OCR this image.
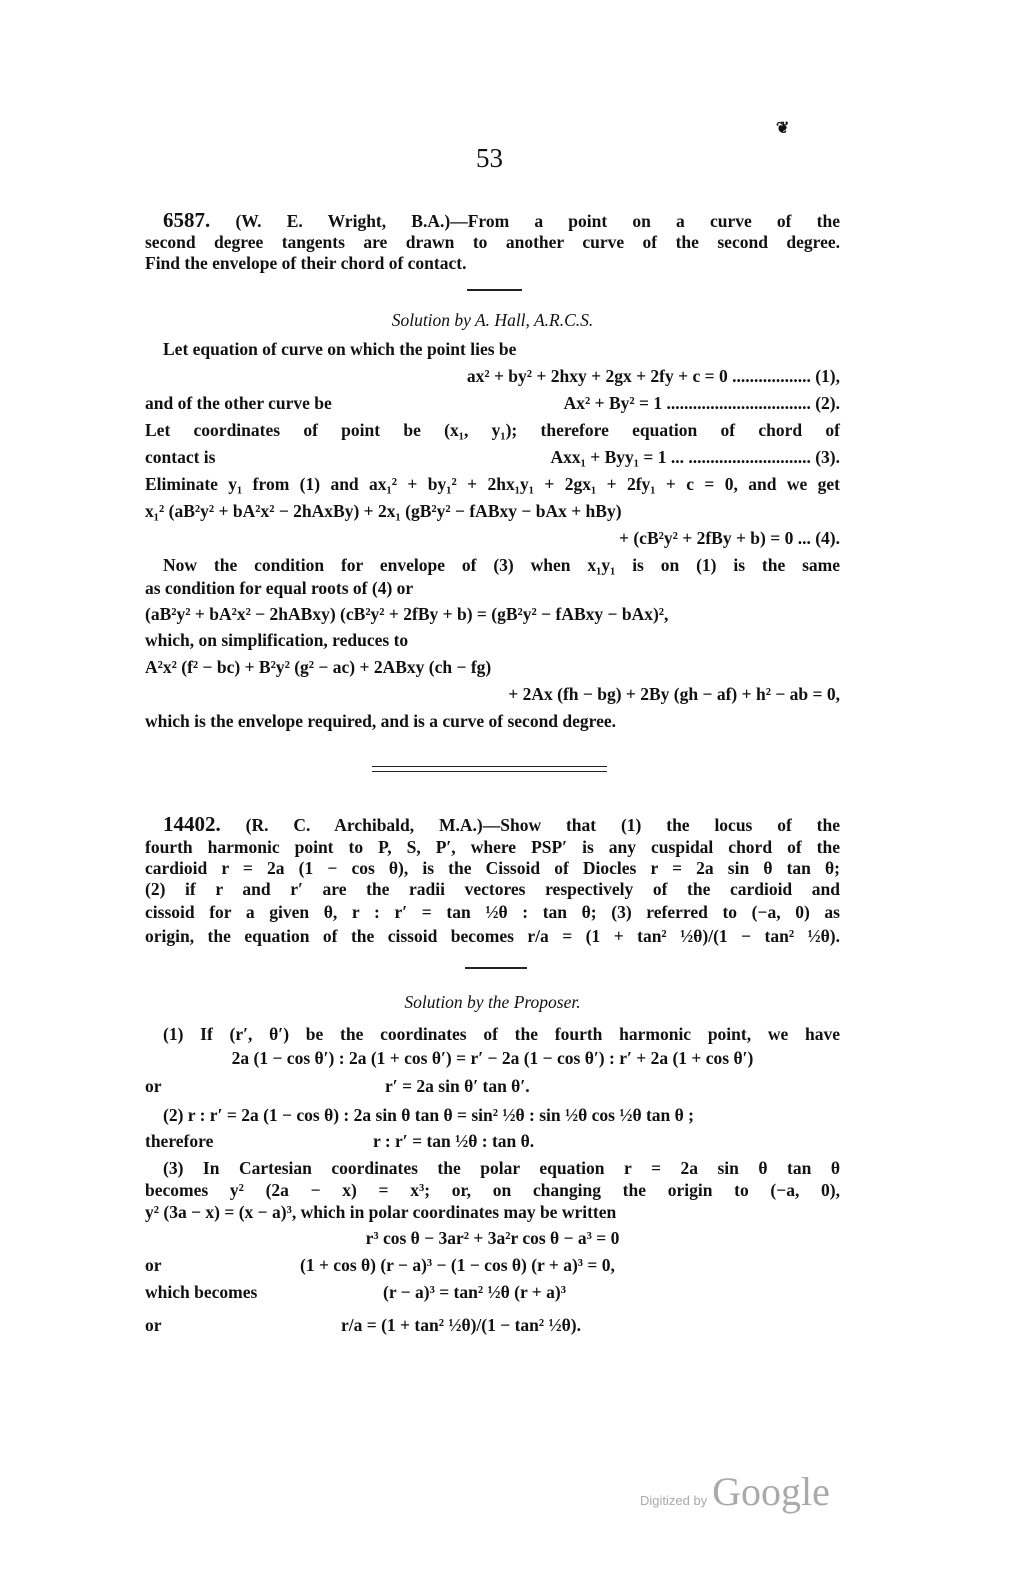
❦
53
6587. (W. E. Wright, B.A.)—From a point on a curve of the
second degree tangents are drawn to another curve of the second degree.
Find the envelope of their chord of contact.
Solution by A. Hall, A.R.C.S.
Let equation of curve on which the point lies be
ax² + by² + 2hxy + 2gx + 2fy + c = 0 .................. (1),
and of the other curve be	Ax² + By² = 1 ................................. (2).
Let coordinates of point be (x₁, y₁); therefore equation of chord of
contact is	Axx₁ + Byy₁ = 1 ... ............................ (3).
Eliminate y₁ from (1) and ax₁² + by₁² + 2hx₁y₁ + 2gx₁ + 2fy₁ + c = 0, and we get
x₁² (aB²y² + bA²x² − 2hAxBy) + 2x₁ (gB²y² − fABxy − bAx + hBy)
+ (cB²y² + 2fBy + b) = 0 ... (4).
Now the condition for envelope of (3) when x₁y₁ is on (1) is the same
as condition for equal roots of (4) or
(aB²y² + bA²x² − 2hABxy) (cB²y² + 2fBy + b) = (gB²y² − fABxy − bAx)²,
which, on simplification, reduces to
A²x² (f² − bc) + B²y² (g² − ac) + 2ABxy (ch − fg)
+ 2Ax (fh − bg) + 2By (gh − af) + h² − ab = 0,
which is the envelope required, and is a curve of second degree.
14402. (R. C. Archibald, M.A.)—Show that (1) the locus of the
fourth harmonic point to P, S, P′, where PSP′ is any cuspidal chord of the
cardioid r = 2a (1 − cos θ), is the Cissoid of Diocles r = 2a sin θ tan θ;
(2) if r and r′ are the radii vectores respectively of the cardioid and
cissoid for a given θ, r : r′ = tan ½θ : tan θ; (3) referred to (−a, 0) as
origin, the equation of the cissoid becomes r/a = (1 + tan² ½θ)/(1 − tan² ½θ).
Solution by the Proposer.
(1) If (r′, θ′) be the coordinates of the fourth harmonic point, we have
2a (1 − cos θ′) : 2a (1 + cos θ′) = r′ − 2a (1 − cos θ′) : r′ + 2a (1 + cos θ′)
or	r′ = 2a sin θ′ tan θ′.
(2) r : r′ = 2a (1 − cos θ) : 2a sin θ tan θ = sin² ½θ : sin ½θ cos ½θ tan θ ;
therefore	r : r′ = tan ½θ : tan θ.
(3) In Cartesian coordinates the polar equation r = 2a sin θ tan θ
becomes y² (2a − x) = x³; or, on changing the origin to (−a, 0),
y² (3a − x) = (x − a)³, which in polar coordinates may be written
r³ cos θ − 3ar² + 3a²r cos θ − a³ = 0
or	(1 + cos θ) (r − a)³ − (1 − cos θ) (r + a)³ = 0,
which becomes	(r − a)³ = tan² ½θ (r + a)³
or	r/a = (1 + tan² ½θ)/(1 − tan² ½θ).
Digitized by Google
